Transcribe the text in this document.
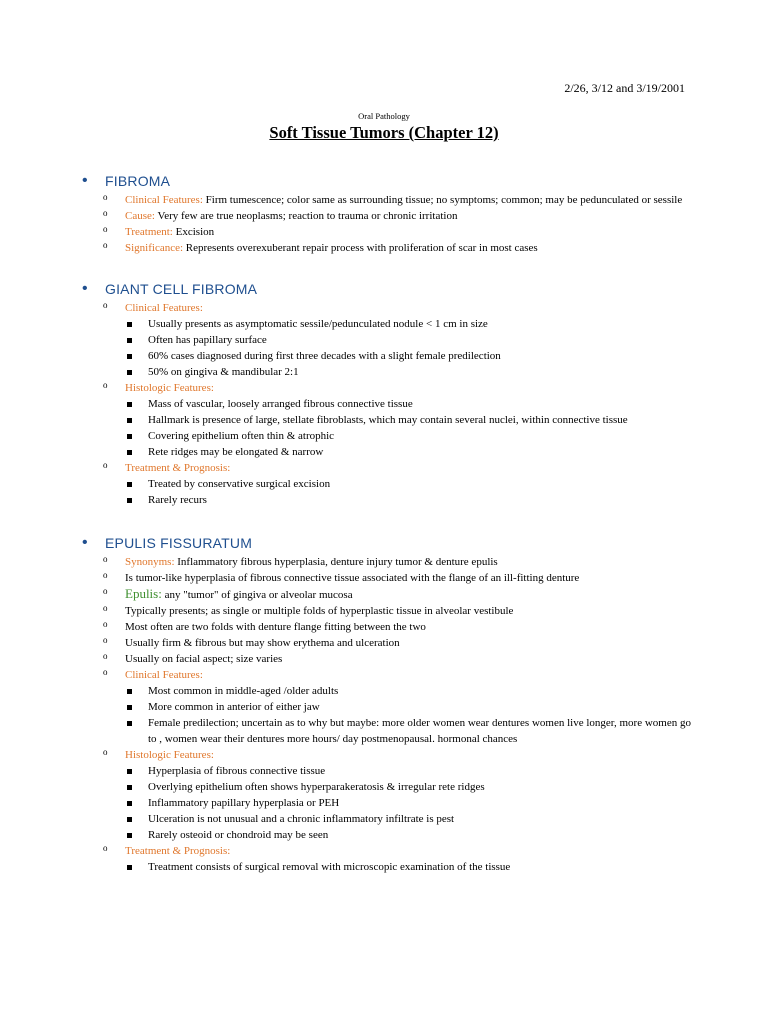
2/26, 3/12 and 3/19/2001
Oral Pathology
Soft Tissue Tumors (Chapter 12)
• FIBROMA
o Clinical Features: Firm tumescence; color same as surrounding tissue; no symptoms; common; may be pedunculated or sessile
o Cause: Very few are true neoplasms; reaction to trauma or chronic irritation
o Treatment: Excision
o Significance: Represents overexuberant repair process with proliferation of scar in most cases
• GIANT CELL FIBROMA
o Clinical Features:
Usually presents as asymptomatic sessile/pedunculated nodule < 1 cm in size
Often has papillary surface
60% cases diagnosed during first three decades with a slight female predilection
50% on gingiva & mandibular 2:1
o Histologic Features:
Mass of vascular, loosely arranged fibrous connective tissue
Hallmark is presence of large, stellate fibroblasts, which may contain several nuclei, within connective tissue
Covering epithelium often thin & atrophic
Rete ridges may be elongated & narrow
o Treatment & Prognosis:
Treated by conservative surgical excision
Rarely recurs
• EPULIS FISSURATUM
o Synonyms: Inflammatory fibrous hyperplasia, denture injury tumor & denture epulis
o Is tumor-like hyperplasia of fibrous connective tissue associated with the flange of an ill-fitting denture
o Epulis: any "tumor" of gingiva or alveolar mucosa
o Typically presents; as single or multiple folds of hyperplastic tissue in alveolar vestibule
o Most often are two folds with denture flange fitting between the two
o Usually firm & fibrous but may show erythema and ulceration
o Usually on facial aspect; size varies
o Clinical Features:
Most common in middle-aged /older adults
More common in anterior of either jaw
Female predilection; uncertain as to why but maybe: more older women wear dentures women live longer, more women go to , women wear their dentures more hours/ day postmenopausal. hormonal chances
o Histologic Features:
Hyperplasia of fibrous connective tissue
Overlying epithelium often shows hyperparakeratosis & irregular rete ridges
Inflammatory papillary hyperplasia or PEH
Ulceration is not unusual and a chronic inflammatory infiltrate is pest
Rarely osteoid or chondroid may be seen
o Treatment & Prognosis:
Treatment consists of surgical removal with microscopic examination of the tissue
